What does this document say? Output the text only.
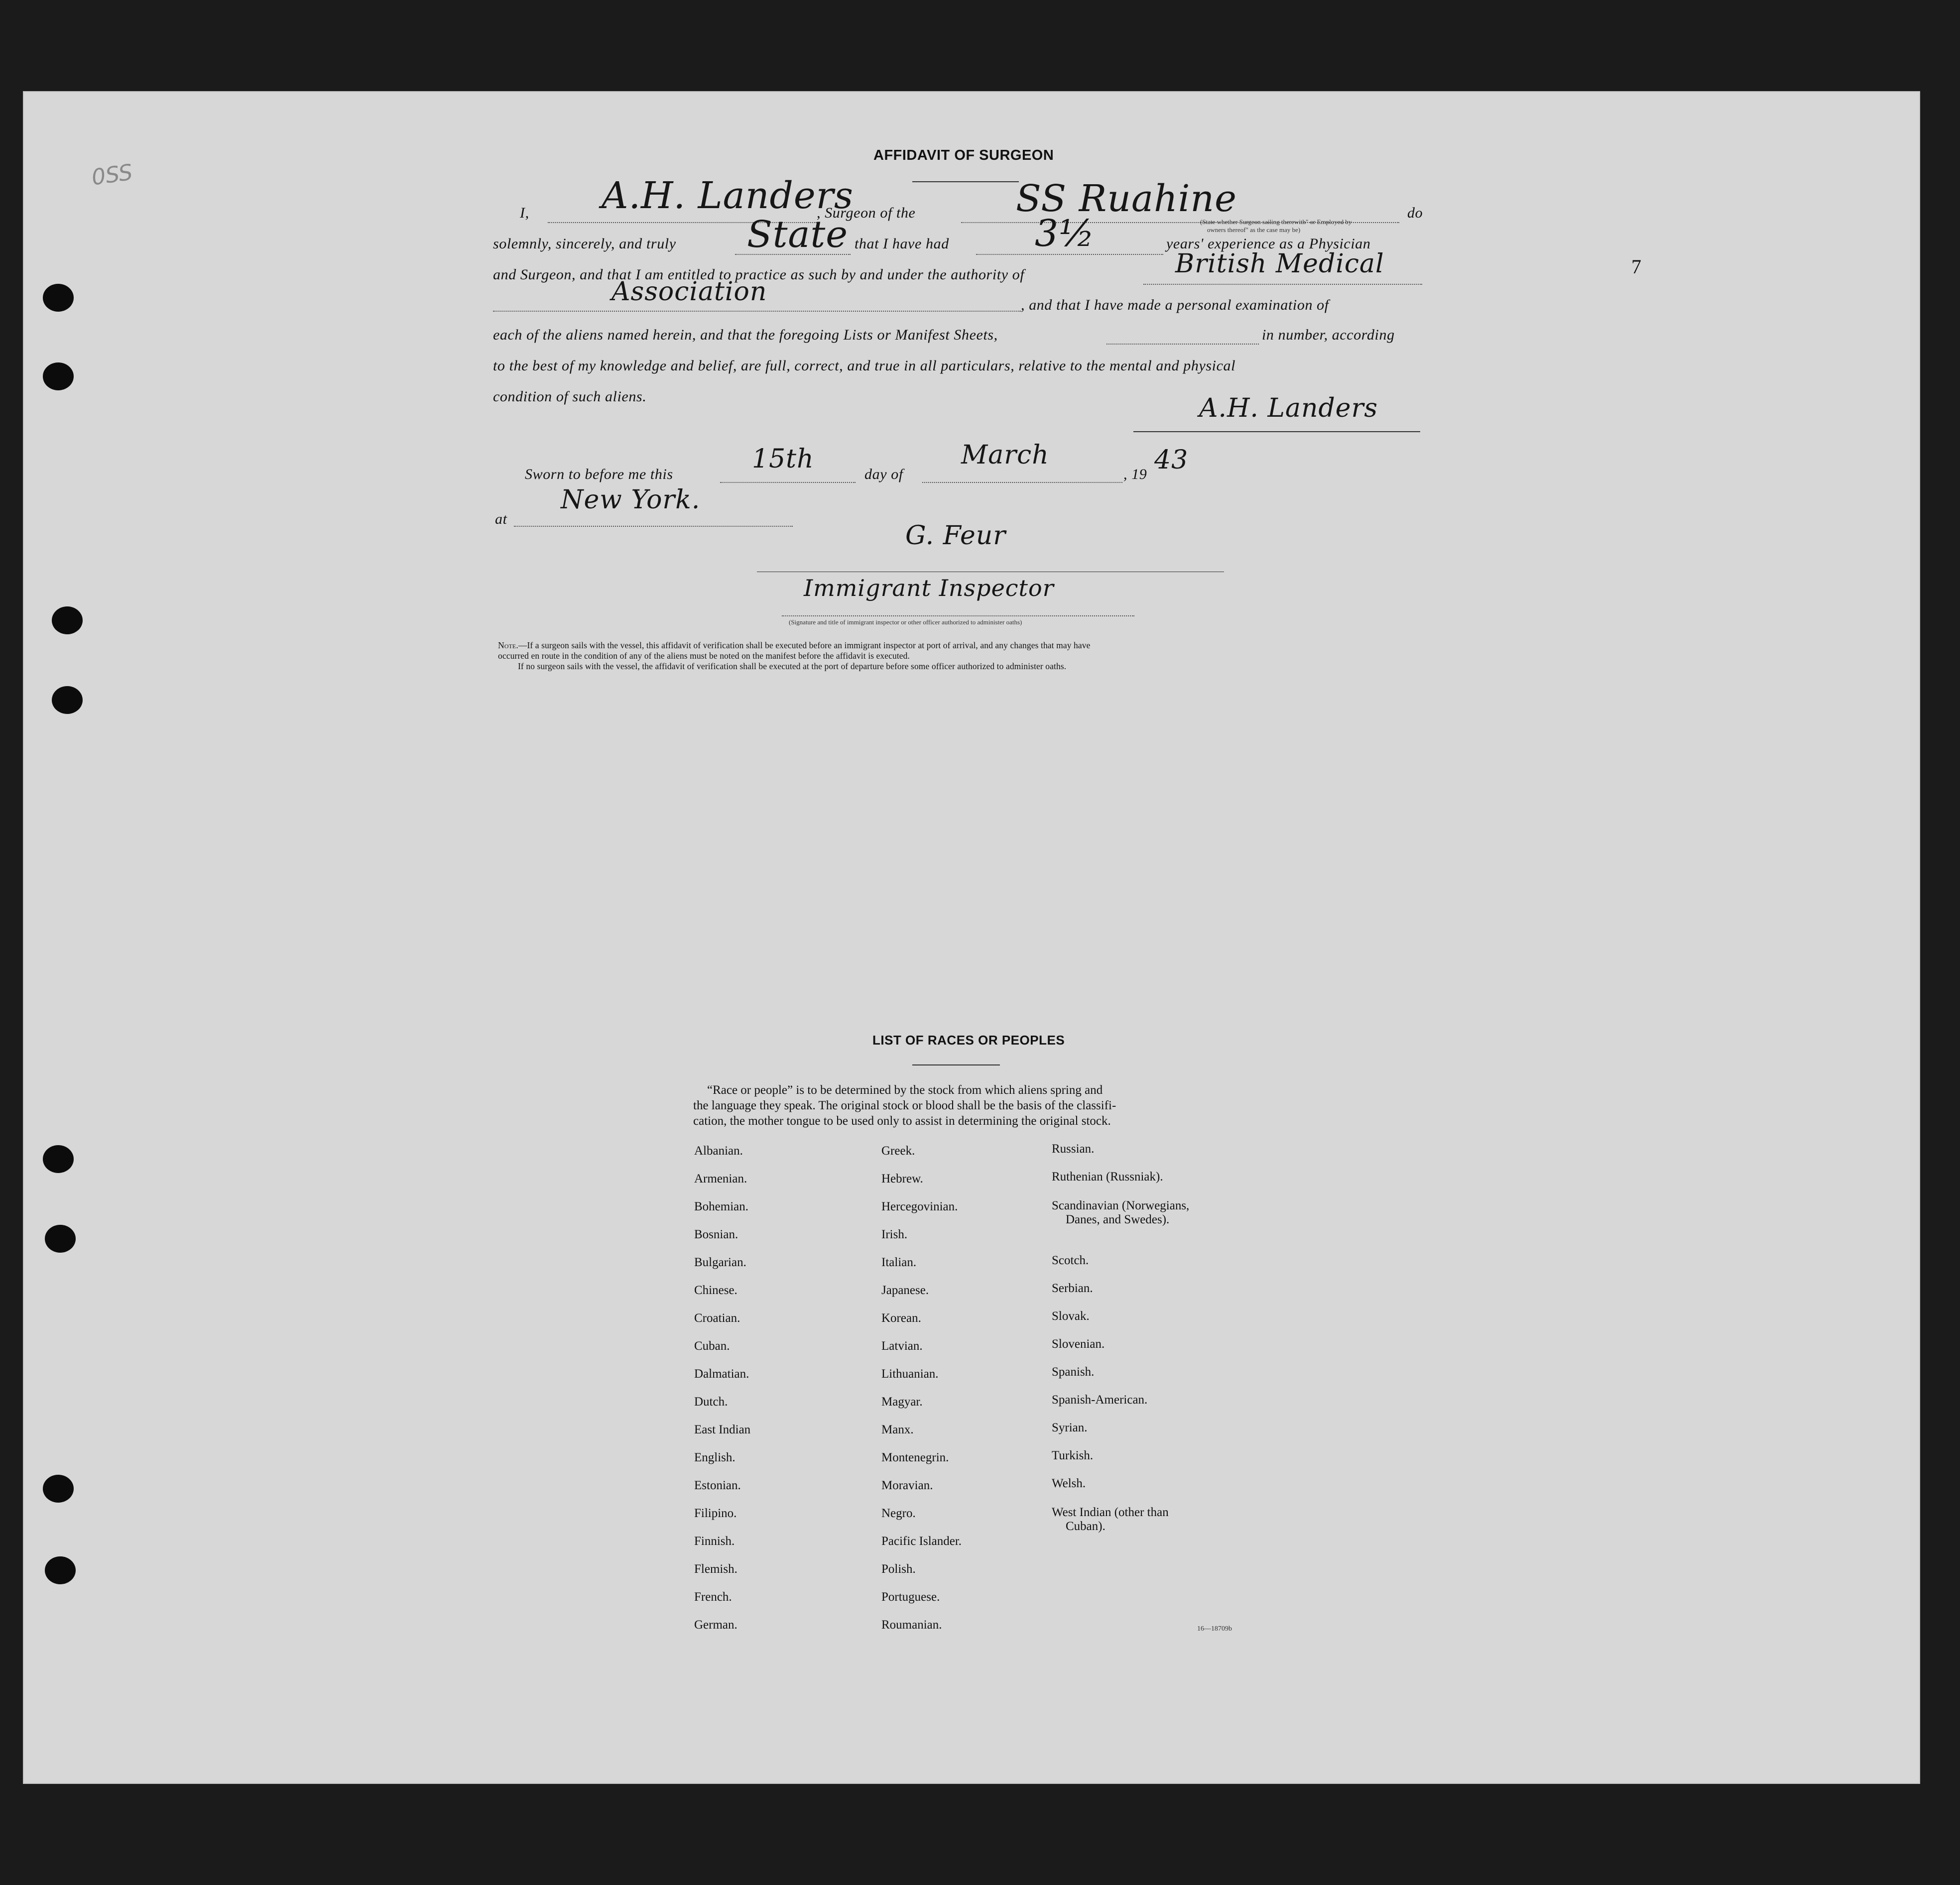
0SS
7
AFFIDAVIT OF SURGEON
I, A.H. Landers
, Surgeon of the	SS Ruahine	do
(State whether Surgeon sailing therewith" or Employed by
owners thereof" as the case may be)
solemnly, sincerely, and truly State that I have had 3½	years' experience as a Physician
and Surgeon, and that I am entitled to practice as such by and under the authority of	British Medical
Association	, and that I have made a personal examination of
each of the aliens named herein, and that the foregoing Lists or Manifest Sheets,	in number, according
to the best of my knowledge and belief, are full, correct, and true in all particulars, relative to the mental and physical
condition of such aliens.	A.H. Landers
Sworn to before me this
15th
day of
March
, 19 43
at
New York.
G. Feur
Immigrant Inspector
(Signature and title of immigrant inspector or other officer authorized to administer oaths)
Note.—If a surgeon sails with the vessel, this affidavit of verification shall be executed before an immigrant inspector at port of arrival, and any changes that may have
occurred en route in the condition of any of the aliens must be noted on the manifest before the affidavit is executed.
If no surgeon sails with the vessel, the affidavit of verification shall be executed at the port of departure before some officer authorized to administer oaths.
LIST OF RACES OR PEOPLES
“Race or people” is to be determined by the stock from which aliens spring and
the language they speak. The original stock or blood shall be the basis of the classifi-
cation, the mother tongue to be used only to assist in determining the original stock.
Albanian.
Armenian.
Bohemian.
Bosnian.
Bulgarian.
Chinese.
Croatian.
Cuban.
Dalmatian.
Dutch.
East Indian
English.
Estonian.
Filipino.
Finnish.
Flemish.
French.
German.
Greek.
Hebrew.
Hercegovinian.
Irish.
Italian.
Japanese.
Korean.
Latvian.
Lithuanian.
Magyar.
Manx.
Montenegrin.
Moravian.
Negro.
Pacific Islander.
Polish.
Portuguese.
Roumanian.
Russian.
Ruthenian (Russniak).
Scandinavian (Norwegians,
Danes, and Swedes).
Scotch.
Serbian.
Slovak.
Slovenian.
Spanish.
Spanish-American.
Syrian.
Turkish.
Welsh.
West Indian (other than
Cuban).
16—18709b
